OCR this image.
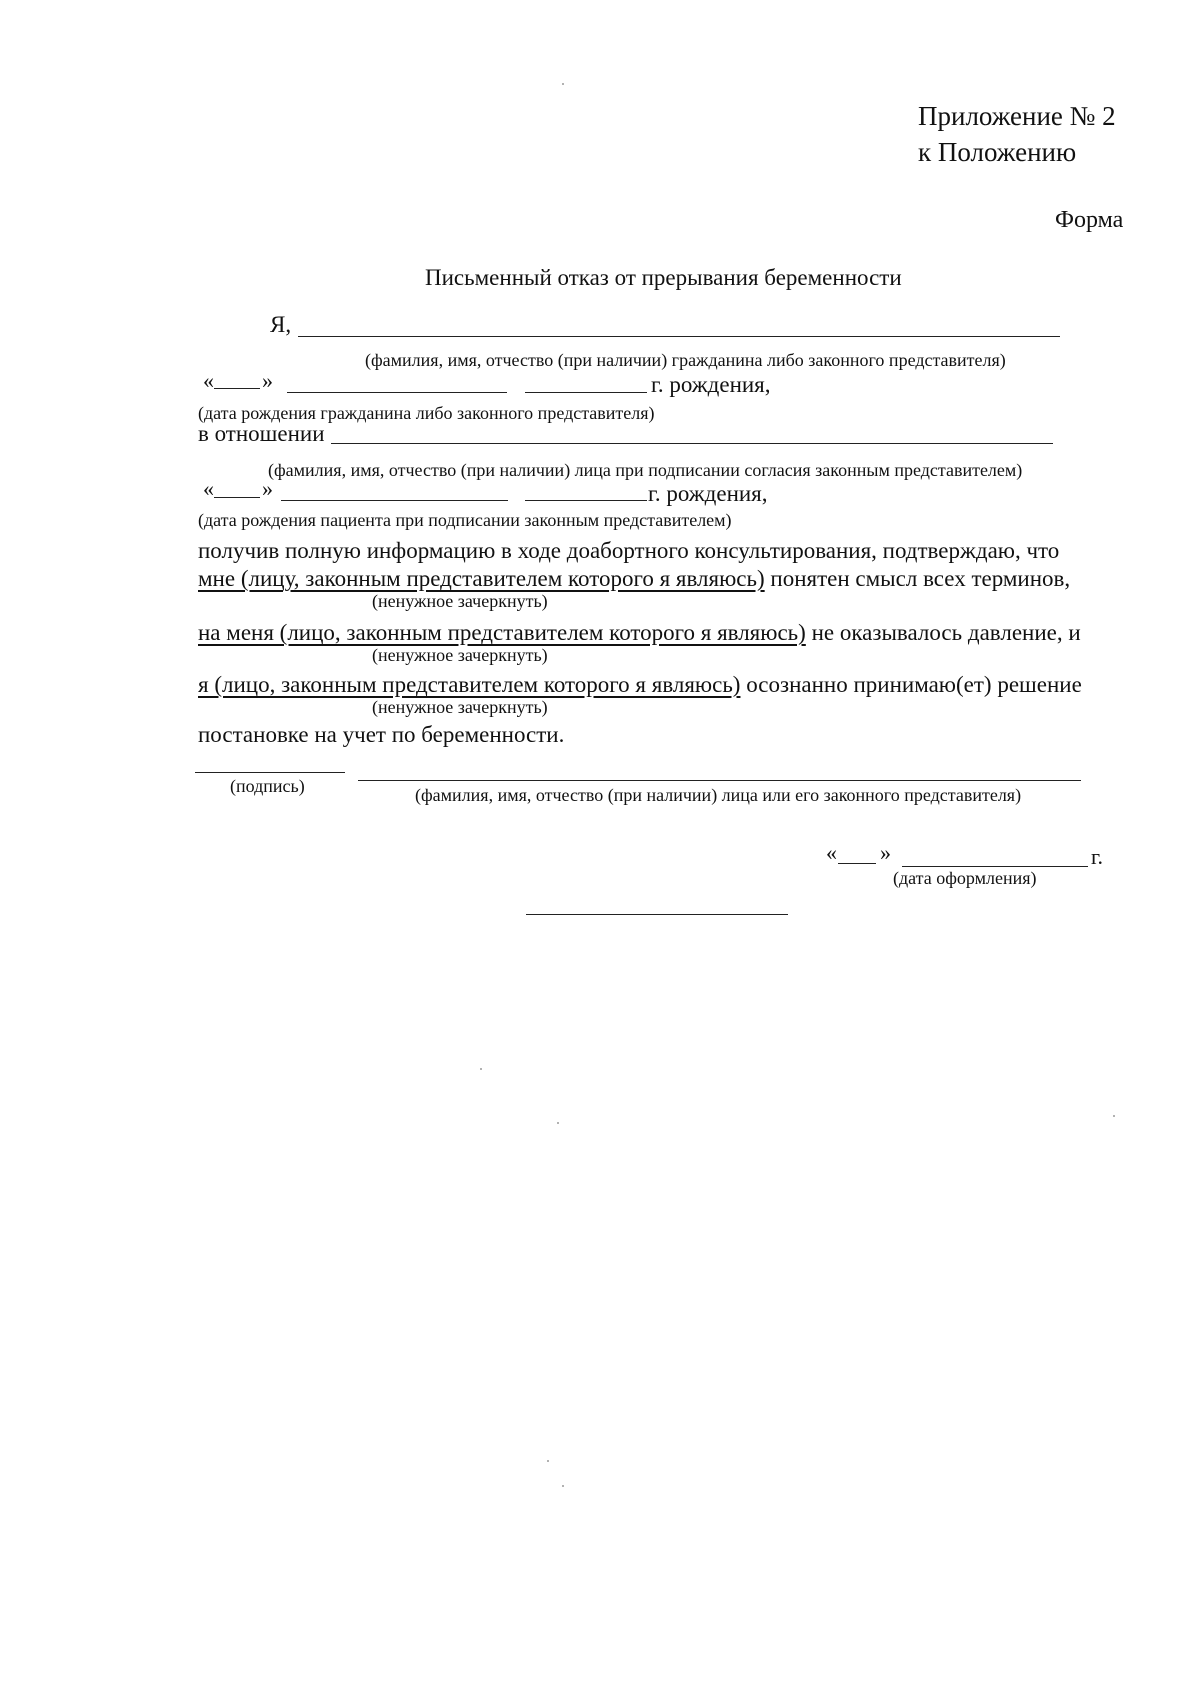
Приложение № 2
к Положению
Форма
Письменный отказ от прерывания беременности
Я,
(фамилия, имя, отчество (при наличии) гражданина либо законного представителя)
« »	г. рождения,
(дата рождения гражданина либо законного представителя)
в отношении
(фамилия, имя, отчество (при наличии) лица при подписании согласия законным представителем)
« »	г. рождения,
(дата рождения пациента при подписании законным представителем)
получив полную информацию в ходе доабортного консультирования, подтверждаю, что
мне (лицу, законным представителем которого я являюсь) понятен смысл всех терминов,
(ненужное зачеркнуть)
на меня (лицо, законным представителем которого я являюсь) не оказывалось давление, и
(ненужное зачеркнуть)
я (лицо, законным представителем которого я являюсь) осознанно принимаю(ет) решение
(ненужное зачеркнуть)
постановке на учет по беременности.
(подпись)	(фамилия, имя, отчество (при наличии) лица или его законного представителя)
« »	г.
(дата оформления)
